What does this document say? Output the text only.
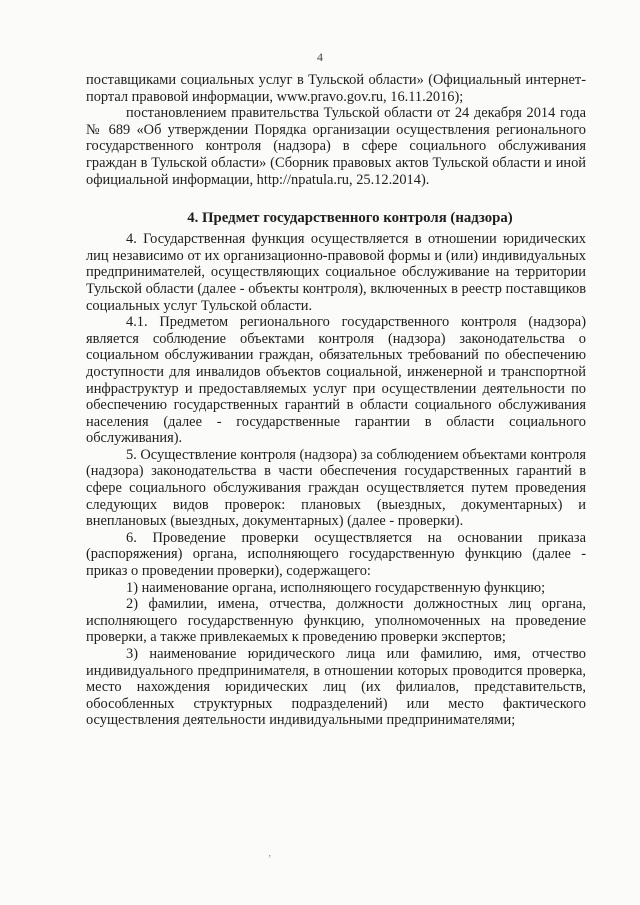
4

поставщиками социальных услуг в Тульской области» (Официальный интернет-портал правовой информации, www.pravo.gov.ru, 16.11.2016);

постановлением правительства Тульской области от 24 декабря 2014 года № 689 «Об утверждении Порядка организации осуществления регионального государственного контроля (надзора) в сфере социального обслуживания граждан в Тульской области» (Сборник правовых актов Тульской области и иной официальной информации, http://npatula.ru, 25.12.2014).

4. Предмет государственного контроля (надзора)

4. Государственная функция осуществляется в отношении юридических лиц независимо от их организационно-правовой формы и (или) индивидуальных предпринимателей, осуществляющих социальное обслуживание на территории Тульской области (далее - объекты контроля), включенных в реестр поставщиков социальных услуг Тульской области.

4.1. Предметом регионального государственного контроля (надзора) является соблюдение объектами контроля (надзора) законодательства о социальном обслуживании граждан, обязательных требований по обеспечению доступности для инвалидов объектов социальной, инженерной и транспортной инфраструктур и предоставляемых услуг при осуществлении деятельности по обеспечению государственных гарантий в области социального обслуживания населения (далее - государственные гарантии в области социального обслуживания).

5. Осуществление контроля (надзора) за соблюдением объектами контроля (надзора) законодательства в части обеспечения государственных гарантий в сфере социального обслуживания граждан осуществляется путем проведения следующих видов проверок: плановых (выездных, документарных) и внеплановых (выездных, документарных) (далее - проверки).

6. Проведение проверки осуществляется на основании приказа (распоряжения) органа, исполняющего государственную функцию (далее - приказ о проведении проверки), содержащего:

1) наименование органа, исполняющего государственную функцию;

2) фамилии, имена, отчества, должности должностных лиц органа, исполняющего государственную функцию, уполномоченных на проведение проверки, а также привлекаемых к проведению проверки экспертов;

3) наименование юридического лица или фамилию, имя, отчество индивидуального предпринимателя, в отношении которых проводится проверка, место нахождения юридических лиц (их филиалов, представительств, обособленных структурных подразделений) или место фактического осуществления деятельности индивидуальными предпринимателями;

‚
